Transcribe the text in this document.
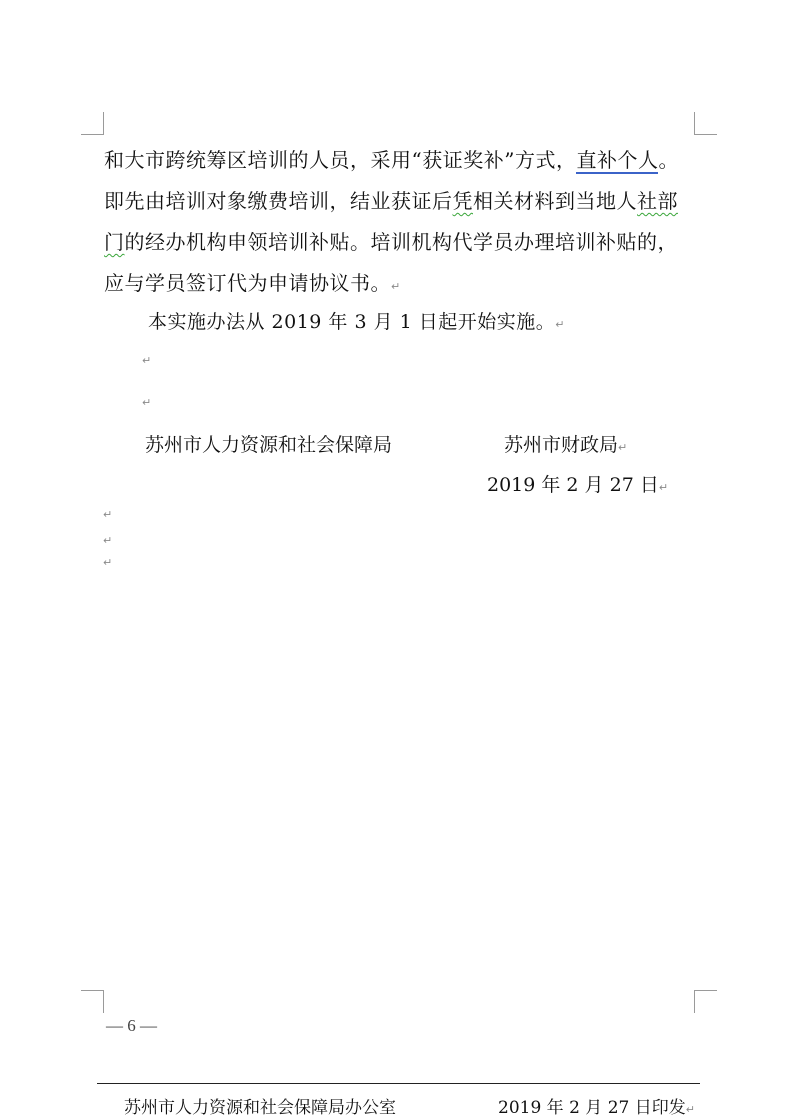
和大市跨统筹区培训的人员，采用“获证奖补”方式，直补个人。
即先由培训对象缴费培训，结业获证后凭相关材料到当地人社部
门的经办机构申领培训补贴。培训机构代学员办理培训补贴的，
应与学员签订代为申请协议书。↵
本实施办法从 2019 年 3 月 1 日起开始实施。↵
↵
↵
苏州市人力资源和社会保障局	苏州市财政局↵
2019 年 2 月 27 日↵
↵
↵
↵
— 6 —
苏州市人力资源和社会保障局办公室	2019 年 2 月 27 日印发↵
